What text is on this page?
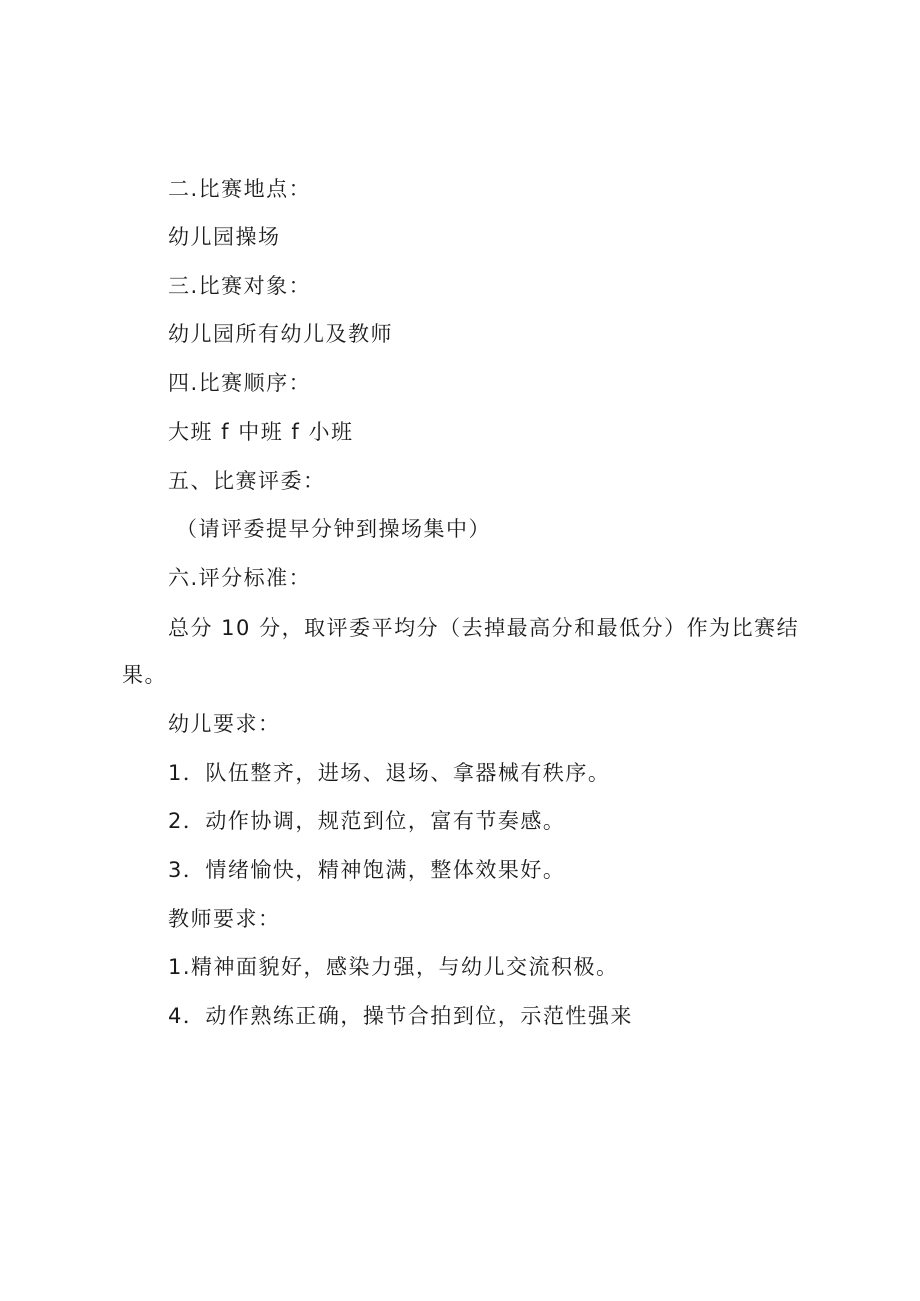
二.比赛地点：
幼儿园操场
三.比赛对象：
幼儿园所有幼儿及教师
四.比赛顺序：
大班 f 中班 f 小班
五、比赛评委：
（请评委提早分钟到操场集中）
六.评分标准：
总分 10 分，取评委平均分（去掉最高分和最低分）作为比赛结
果。
幼儿要求：
1．队伍整齐，进场、退场、拿器械有秩序。
2．动作协调，规范到位，富有节奏感。
3．情绪愉快，精神饱满，整体效果好。
教师要求：
1.精神面貌好，感染力强，与幼儿交流积极。
4．动作熟练正确，操节合拍到位，示范性强来
